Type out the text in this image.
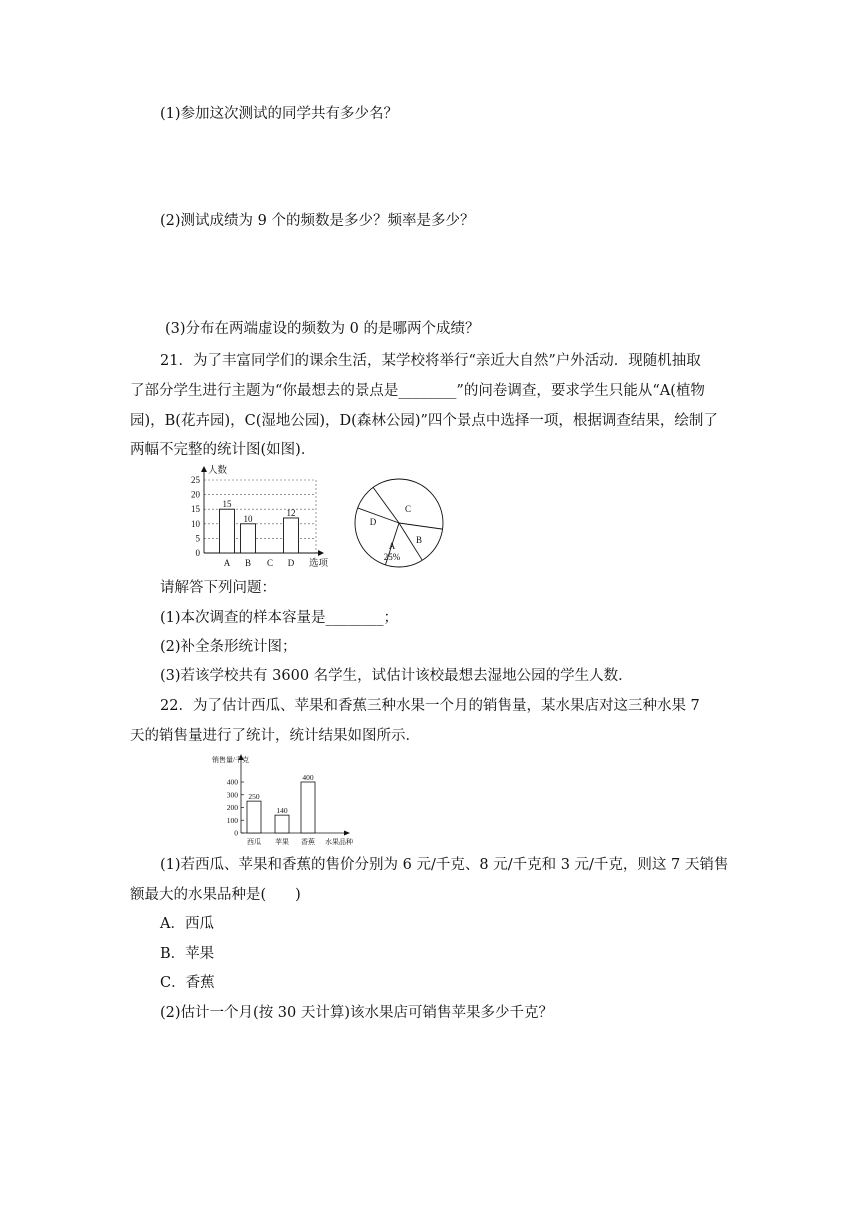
(1)参加这次测试的同学共有多少名？
(2)测试成绩为 9 个的频数是多少？频率是多少？
(3)分布在两端虚设的频数为 0 的是哪两个成绩？
21．为了丰富同学们的课余生活，某学校将举行“亲近大自然”户外活动．现随机抽取
了部分学生进行主题为“你最想去的景点是________”的问卷调查，要求学生只能从“A(植物
园)，B(花卉园)，C(湿地公园)，D(森林公园)”四个景点中选择一项，根据调查结果，绘制了
两幅不完整的统计图(如图)．
0
5
10
15
20
25
人数
选项
15
A
10
B C
12
D
A
25%
B
C
D
请解答下列问题：
(1)本次调查的样本容量是________；
(2)补全条形统计图；
(3)若该学校共有 3600 名学生，试估计该校最想去湿地公园的学生人数．
22．为了估计西瓜、苹果和香蕉三种水果一个月的销售量，某水果店对这三种水果 7
天的销售量进行了统计，统计结果如图所示．
销售量/千克
水果品种
0
100
200
300
400
250
西瓜
140
苹果
400
香蕉
(1)若西瓜、苹果和香蕉的售价分别为 6 元/千克、8 元/千克和 3 元/千克，则这 7 天销售
额最大的水果品种是(　　)
A．西瓜
B．苹果
C．香蕉
(2)估计一个月(按 30 天计算)该水果店可销售苹果多少千克？
